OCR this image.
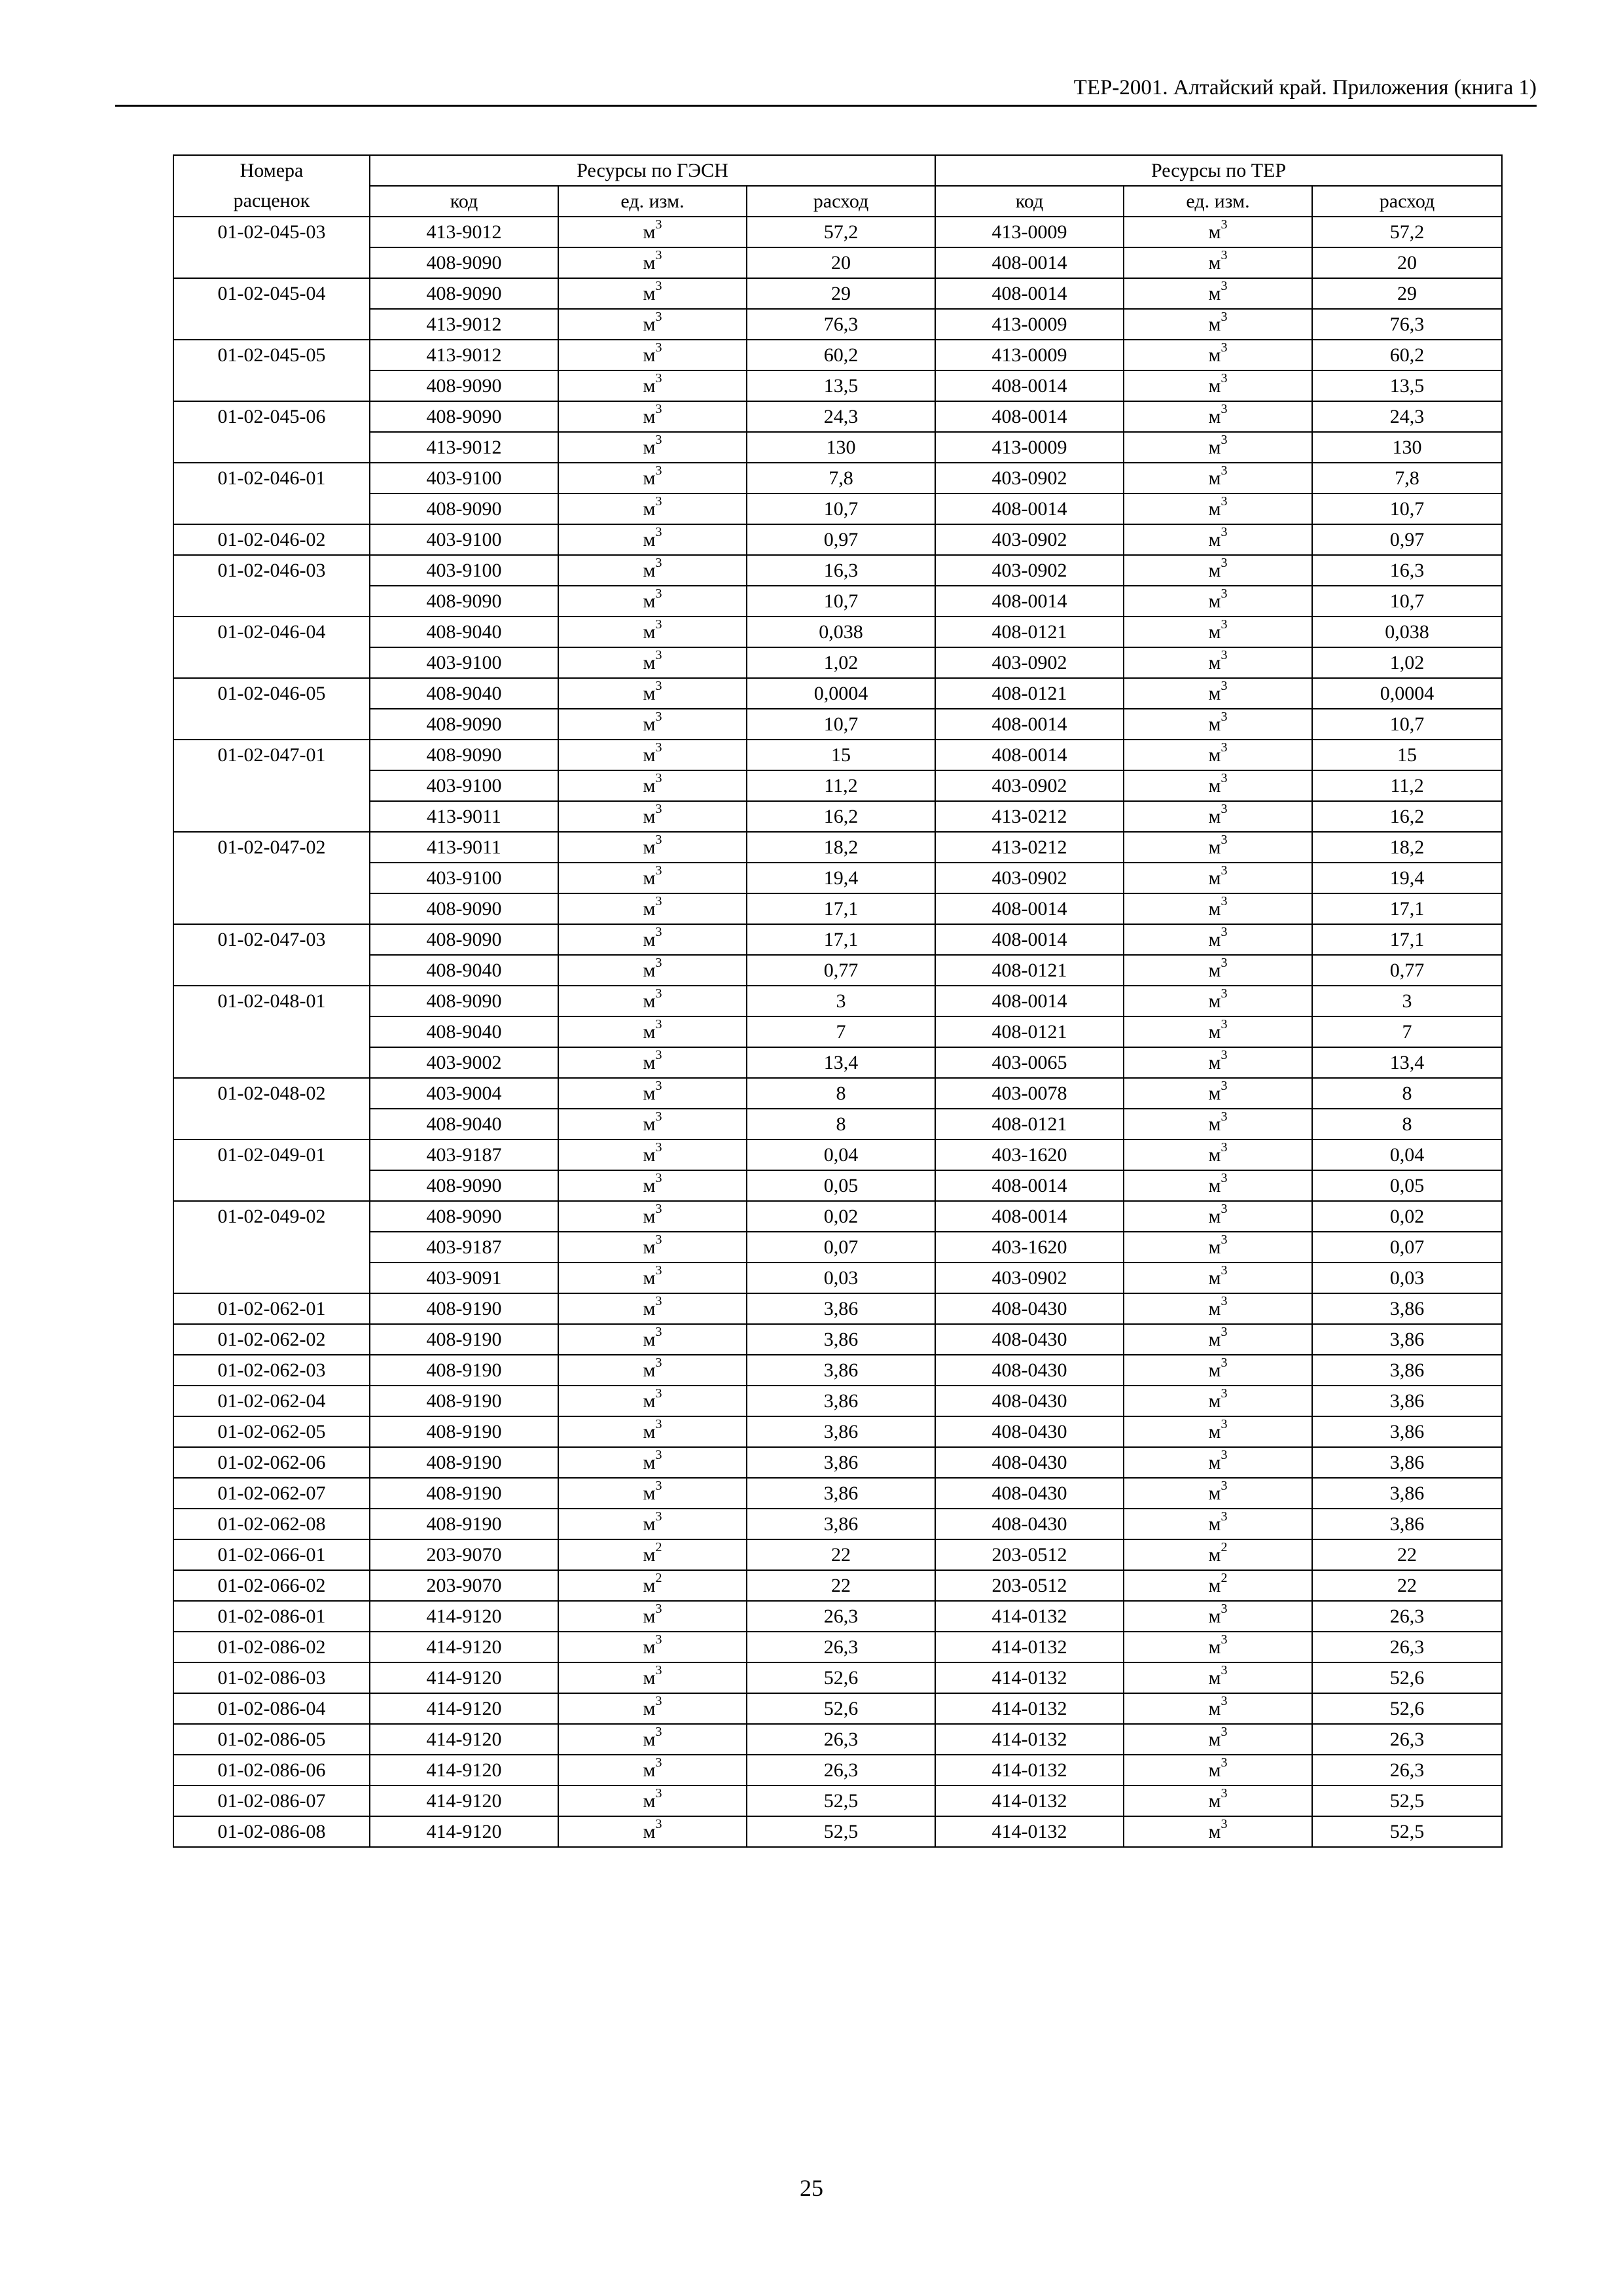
ТЕР-2001. Алтайский край. Приложения (книга 1)
Номера	Ресурсы по ГЭСН			Ресурсы по ТЕР		
расценок	код	ед. изм.	расход	код	ед. изм.	расход
01-02-045-03	413-9012	$м^3$	57,2	413-0009	$м^3$	57,2
	408-9090	$м^3$	20	408-0014	$м^3$	20
01-02-045-04	408-9090	$м^3$	29	408-0014	$м^3$	29
	413-9012	$м^3$	76,3	413-0009	$м^3$	76,3
01-02-045-05	413-9012	$м^3$	60,2	413-0009	$м^3$	60,2
	408-9090	$м^3$	13,5	408-0014	$м^3$	13,5
01-02-045-06	408-9090	$м^3$	24,3	408-0014	$м^3$	24,3
	413-9012	$м^3$	130	413-0009	$м^3$	130
01-02-046-01	403-9100	$м^3$	7,8	403-0902	$м^3$	7,8
	408-9090	$м^3$	10,7	408-0014	$м^3$	10,7
01-02-046-02	403-9100	$м^3$	0,97	403-0902	$м^3$	0,97
01-02-046-03	403-9100	$м^3$	16,3	403-0902	$м^3$	16,3
	408-9090	$м^3$	10,7	408-0014	$м^3$	10,7
01-02-046-04	408-9040	$м^3$	0,038	408-0121	$м^3$	0,038
	403-9100	$м^3$	1,02	403-0902	$м^3$	1,02
01-02-046-05	408-9040	$м^3$	0,0004	408-0121	$м^3$	0,0004
	408-9090	$м^3$	10,7	408-0014	$м^3$	10,7
01-02-047-01	408-9090	$м^3$	15	408-0014	$м^3$	15
	403-9100	$м^3$	11,2	403-0902	$м^3$	11,2
	413-9011	$м^3$	16,2	413-0212	$м^3$	16,2
01-02-047-02	413-9011	$м^3$	18,2	413-0212	$м^3$	18,2
	403-9100	$м^3$	19,4	403-0902	$м^3$	19,4
	408-9090	$м^3$	17,1	408-0014	$м^3$	17,1
01-02-047-03	408-9090	$м^3$	17,1	408-0014	$м^3$	17,1
	408-9040	$м^3$	0,77	408-0121	$м^3$	0,77
01-02-048-01	408-9090	$м^3$	3	408-0014	$м^3$	3
	408-9040	$м^3$	7	408-0121	$м^3$	7
	403-9002	$м^3$	13,4	403-0065	$м^3$	13,4
01-02-048-02	403-9004	$м^3$	8	403-0078	$м^3$	8
	408-9040	$м^3$	8	408-0121	$м^3$	8
01-02-049-01	403-9187	$м^3$	0,04	403-1620	$м^3$	0,04
	408-9090	$м^3$	0,05	408-0014	$м^3$	0,05
01-02-049-02	408-9090	$м^3$	0,02	408-0014	$м^3$	0,02
	403-9187	$м^3$	0,07	403-1620	$м^3$	0,07
	403-9091	$м^3$	0,03	403-0902	$м^3$	0,03
01-02-062-01	408-9190	$м^3$	3,86	408-0430	$м^3$	3,86
01-02-062-02	408-9190	$м^3$	3,86	408-0430	$м^3$	3,86
01-02-062-03	408-9190	$м^3$	3,86	408-0430	$м^3$	3,86
01-02-062-04	408-9190	$м^3$	3,86	408-0430	$м^3$	3,86
01-02-062-05	408-9190	$м^3$	3,86	408-0430	$м^3$	3,86
01-02-062-06	408-9190	$м^3$	3,86	408-0430	$м^3$	3,86
01-02-062-07	408-9190	$м^3$	3,86	408-0430	$м^3$	3,86
01-02-062-08	408-9190	$м^3$	3,86	408-0430	$м^3$	3,86
01-02-066-01	203-9070	$м^2$	22	203-0512	$м^2$	22
01-02-066-02	203-9070	$м^2$	22	203-0512	$м^2$	22
01-02-086-01	414-9120	$м^3$	26,3	414-0132	$м^3$	26,3
01-02-086-02	414-9120	$м^3$	26,3	414-0132	$м^3$	26,3
01-02-086-03	414-9120	$м^3$	52,6	414-0132	$м^3$	52,6
01-02-086-04	414-9120	$м^3$	52,6	414-0132	$м^3$	52,6
01-02-086-05	414-9120	$м^3$	26,3	414-0132	$м^3$	26,3
01-02-086-06	414-9120	$м^3$	26,3	414-0132	$м^3$	26,3
01-02-086-07	414-9120	$м^3$	52,5	414-0132	$м^3$	52,5
01-02-086-08	414-9120	$м^3$	52,5	414-0132	$м^3$	52,5
25
